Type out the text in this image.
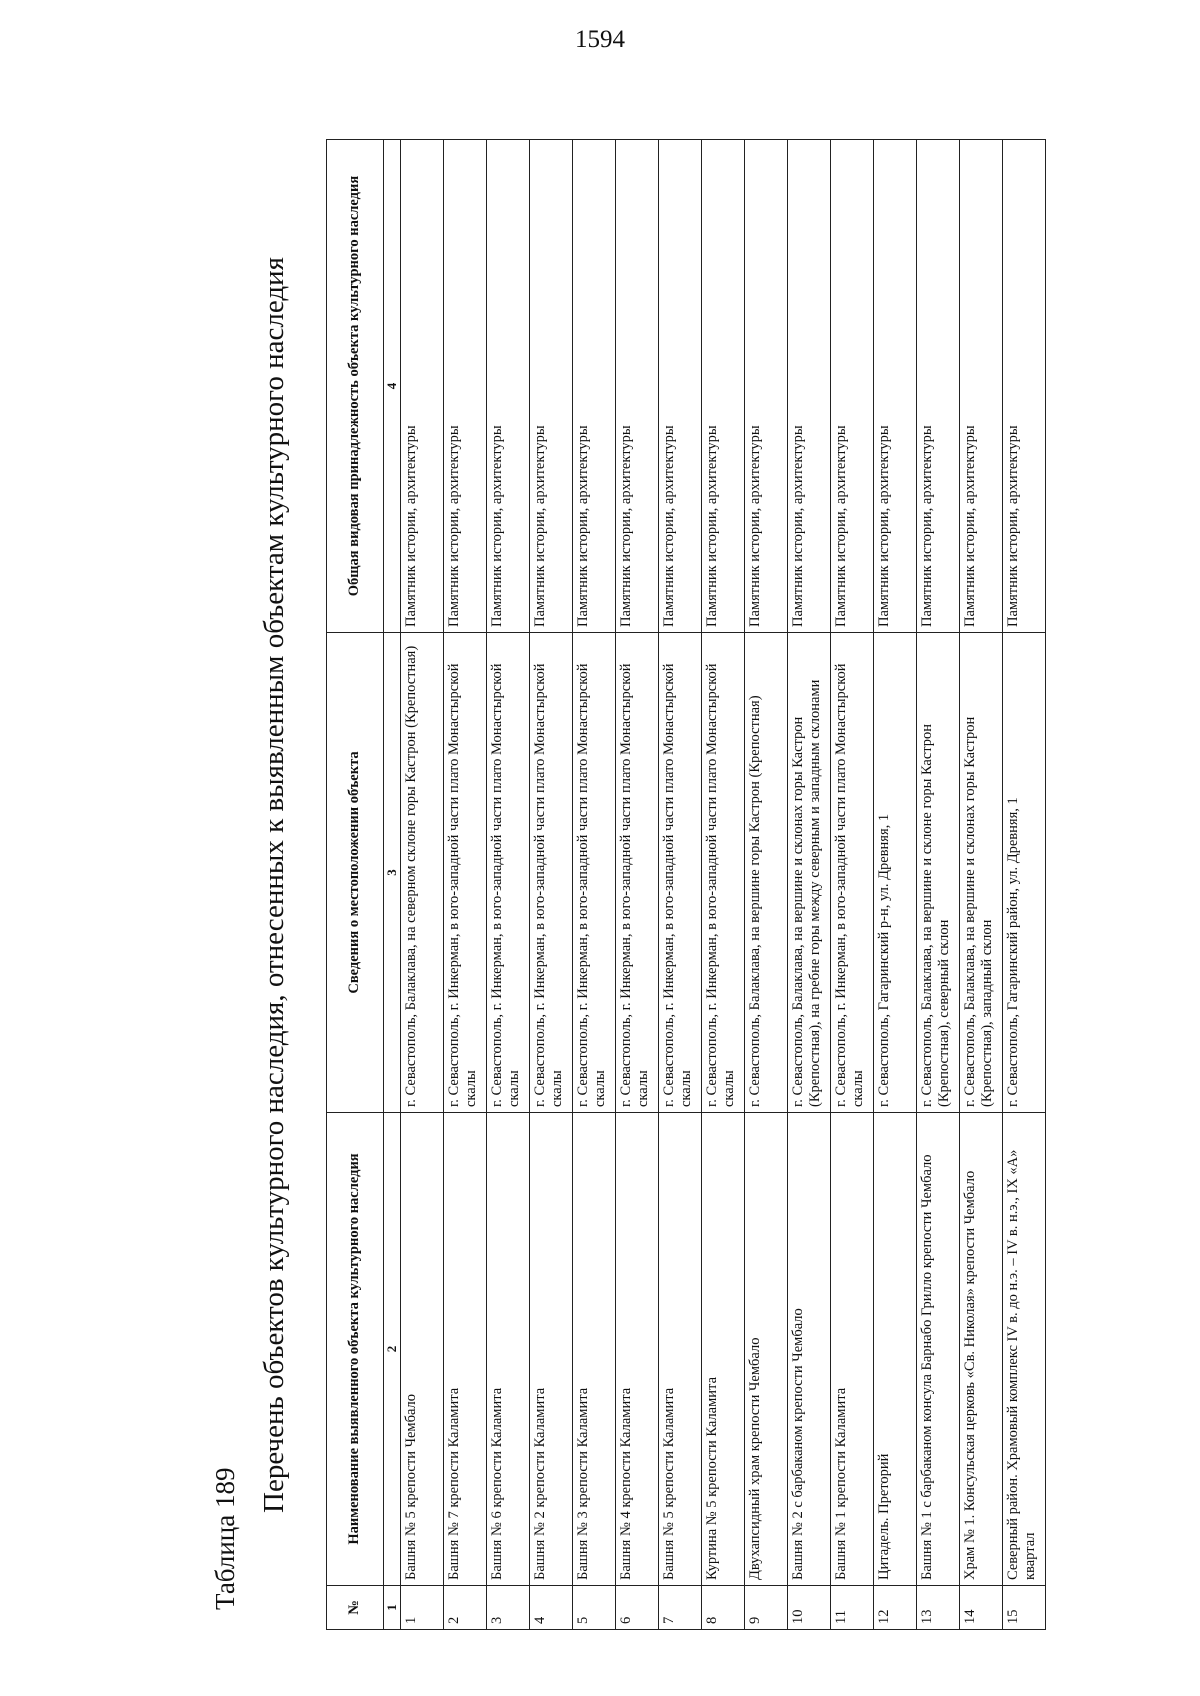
1594
Таблица 189
Перечень объектов культурного наследия, отнесенных к выявленным объектам культурного наследия
№	Наименование выявленного объекта культурного наследия	Сведения о местоположении объекта	Общая видовая принадлежность объекта культурного наследия
1	2	3	4
1	Башня № 5 крепости Чембало	г. Севастополь, Балаклава, на северном склоне горы Кастрон (Крепостная)	Памятник истории, архитектуры
2	Башня № 7 крепости Каламита	г. Севастополь, г. Инкерман, в юго-западной части плато Монастырской скалы	Памятник истории, архитектуры
3	Башня № 6 крепости Каламита	г. Севастополь, г. Инкерман, в юго-западной части плато Монастырской скалы	Памятник истории, архитектуры
4	Башня № 2 крепости Каламита	г. Севастополь, г. Инкерман, в юго-западной части плато Монастырской скалы	Памятник истории, архитектуры
5	Башня № 3 крепости Каламита	г. Севастополь, г. Инкерман, в юго-западной части плато Монастырской скалы	Памятник истории, архитектуры
6	Башня № 4 крепости Каламита	г. Севастополь, г. Инкерман, в юго-западной части плато Монастырской скалы	Памятник истории, архитектуры
7	Башня № 5 крепости Каламита	г. Севастополь, г. Инкерман, в юго-западной части плато Монастырской скалы	Памятник истории, архитектуры
8	Куртина № 5 крепости Каламита	г. Севастополь, г. Инкерман, в юго-западной части плато Монастырской скалы	Памятник истории, архитектуры
9	Двухапсидный храм крепости Чембало	г. Севастополь, Балаклава, на вершине горы Кастрон (Крепостная)	Памятник истории, архитектуры
10	Башня № 2 с барбаканом крепости Чембало	г. Севастополь, Балаклава, на вершине и склонах горы Кастрон (Крепостная), на гребне горы между северным и западным склонами	Памятник истории, архитектуры
11	Башня № 1 крепости Каламита	г. Севастополь, г. Инкерман, в юго-западной части плато Монастырской скалы	Памятник истории, архитектуры
12	Цитадель. Преторий	г. Севастополь, Гагаринский р-н, ул. Древняя, 1	Памятник истории, архитектуры
13	Башня № 1 с барбаканом консула Барнабо Грилло крепости Чембало	г. Севастополь, Балаклава, на вершине и склоне горы Кастрон (Крепостная), северный склон	Памятник истории, архитектуры
14	Храм № 1. Консульская церковь «Св. Николая» крепости Чембало	г. Севастополь, Балаклава, на вершине и склонах горы Кастрон (Крепостная), западный склон	Памятник истории, архитектуры
15	Северный район. Храмовый комплекс IV в. до н.э. – IV в. н.э., IX «А» квартал	г. Севастополь, Гагаринский район, ул. Древняя, 1	Памятник истории, архитектуры
